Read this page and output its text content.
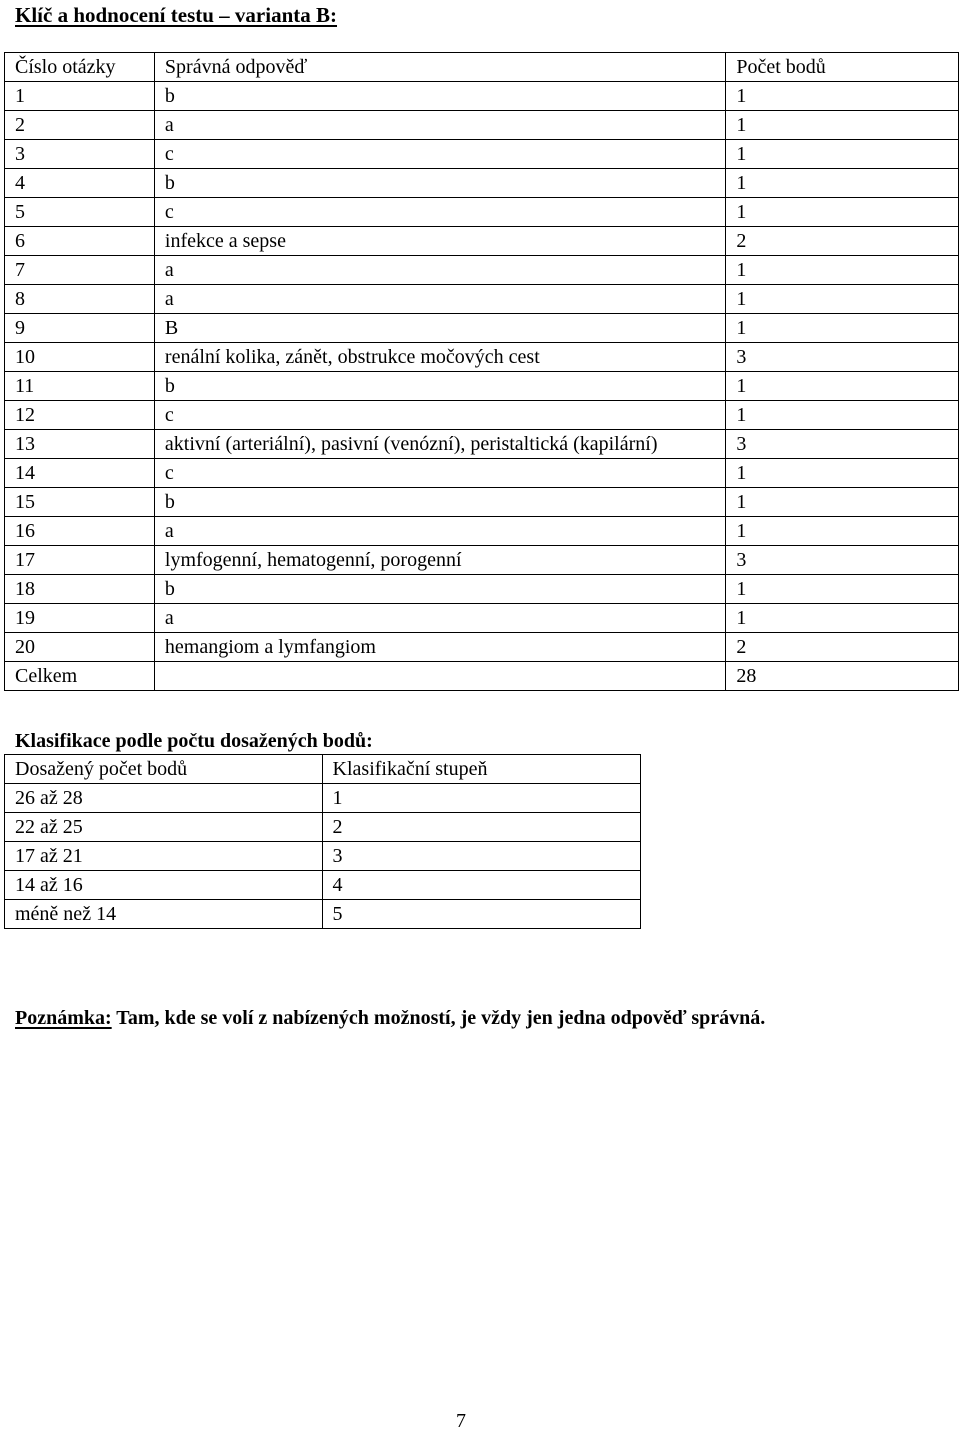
Klíč a hodnocení testu – varianta B:
Číslo otázky	Správná odpověď	Počet bodů
1	b	1
2	a	1
3	c	1
4	b	1
5	c	1
6	infekce a sepse	2
7	a	1
8	a	1
9	B	1
10	renální kolika, zánět, obstrukce močových cest	3
11	b	1
12	c	1
13	aktivní (arteriální), pasivní (venózní), peristaltická (kapilární)	3
14	c	1
15	b	1
16	a	1
17	lymfogenní, hematogenní, porogenní	3
18	b	1
19	a	1
20	hemangiom a lymfangiom	2
Celkem		28
Klasifikace podle počtu dosažených bodů:
Dosažený počet bodů	Klasifikační stupeň
26 až 28	1
22 až 25	2
17 až 21	3
14 až 16	4
méně než 14	5
Poznámka: Tam, kde se volí z nabízených možností, je vždy jen jedna odpověď správná.
7
